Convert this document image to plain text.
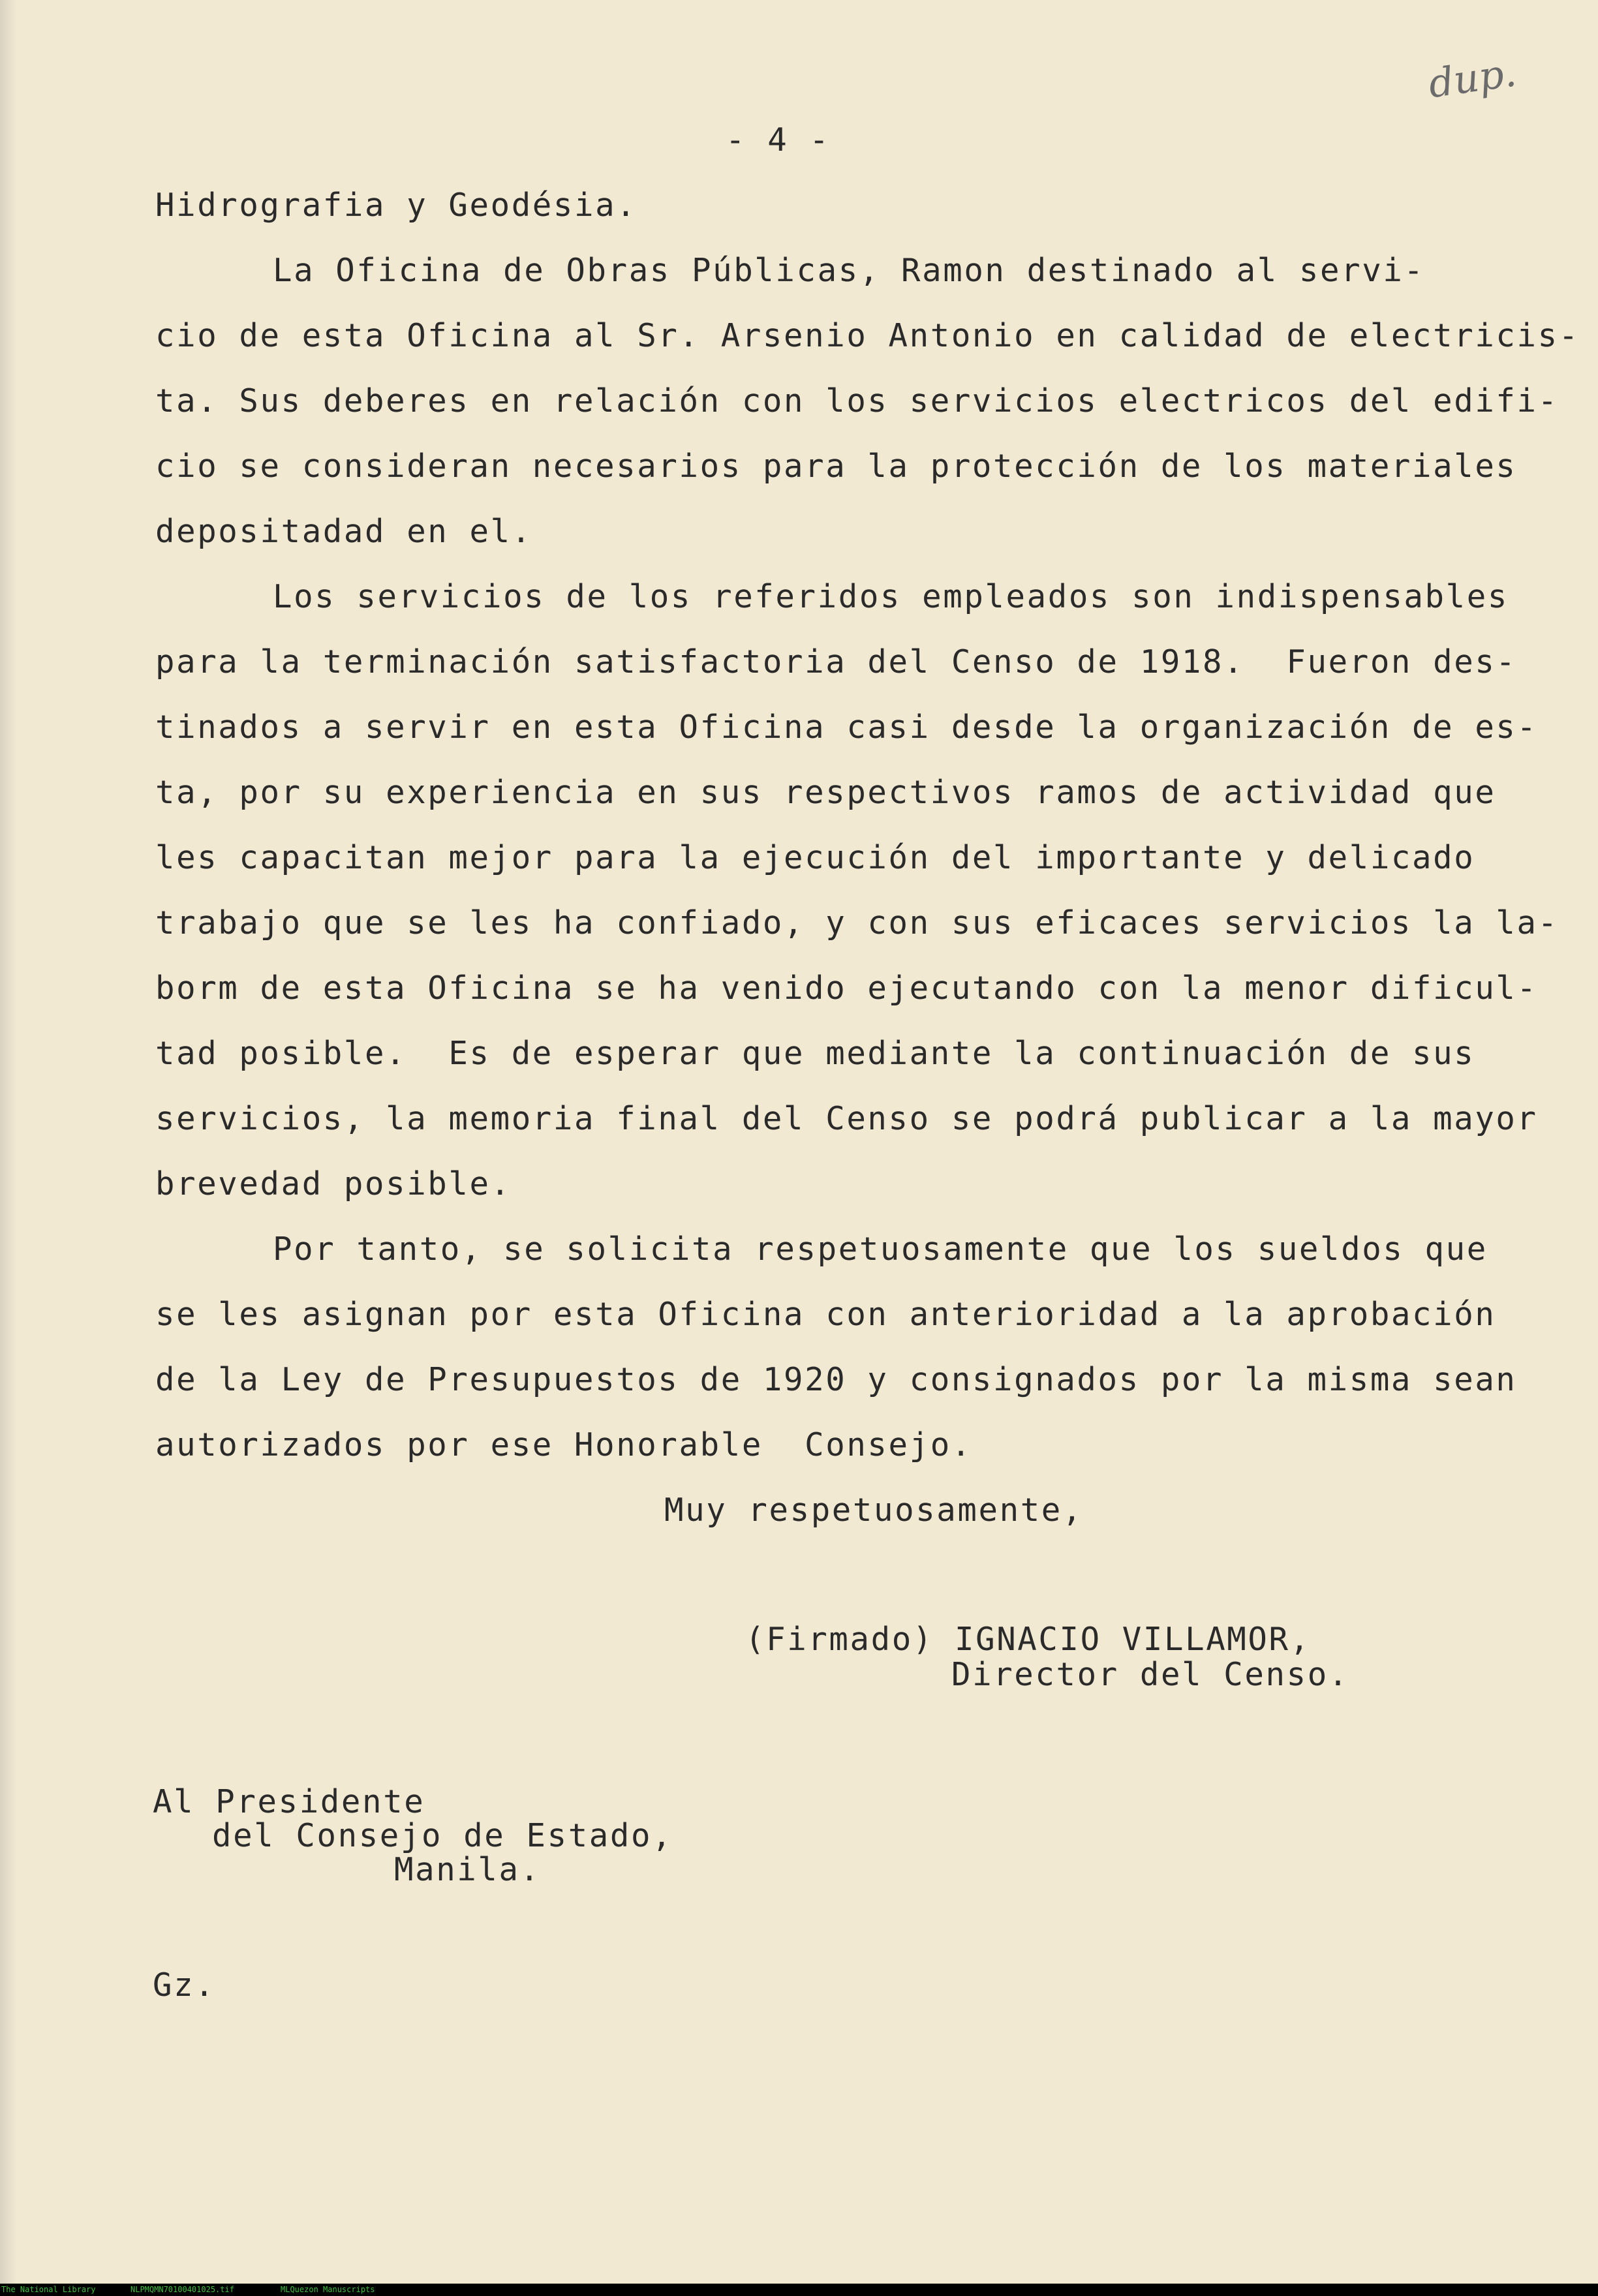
dup.

- 4 -

Hidrografia y Geodésia.

La Oficina de Obras Públicas, Ramon destinado al servi-

cio de esta Oficina al Sr. Arsenio Antonio en calidad de electricis-

ta. Sus deberes en relación con los servicios electricos del edifi-

cio se consideran necesarios para la protección de los materiales

depositadad en el.

Los servicios de los referidos empleados son indispensables

para la terminación satisfactoria del Censo de 1918.  Fueron des-

tinados a servir en esta Oficina casi desde la organización de es-

ta, por su experiencia en sus respectivos ramos de actividad que

les capacitan mejor para la ejecución del importante y delicado

trabajo que se les ha confiado, y con sus eficaces servicios la la-

borm de esta Oficina se ha venido ejecutando con la menor dificul-

tad posible.  Es de esperar que mediante la continuación de sus

servicios, la memoria final del Censo se podrá publicar a la mayor

brevedad posible.

Por tanto, se solicita respetuosamente que los sueldos que

se les asignan por esta Oficina con anterioridad a la aprobación

de la Ley de Presupuestos de 1920 y consignados por la misma sean

autorizados por ese Honorable  Consejo.

Muy respetuosamente,

(Firmado) IGNACIO VILLAMOR,

Director del Censo.

Al Presidente

del Consejo de Estado,

Manila.

Gz.

The National Library	NLPMQMN70100401025.tif	MLQuezon Manuscripts
